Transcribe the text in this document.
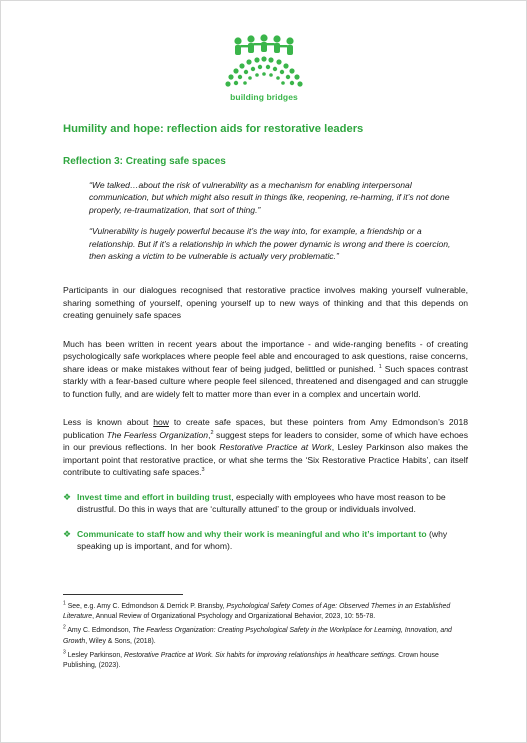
building bridges
Humility and hope: reflection aids for restorative leaders
Reflection 3: Creating safe spaces
“We talked…about the risk of vulnerability as a mechanism for enabling interpersonal communication, but which might also result in things like, reopening, re-harming, if it’s not done properly, re-traumatization, that sort of thing.”
“Vulnerability is hugely powerful because it’s the way into, for example, a friendship or a relationship. But if it’s a relationship in which the power dynamic is wrong and there is coercion, then asking a victim to be vulnerable is actually very problematic.”

Participants in our dialogues recognised that restorative practice involves making yourself vulnerable, sharing something of yourself, opening yourself up to new ways of thinking and that this depends on creating genuinely safe spaces

Much has been written in recent years about the importance - and wide-ranging benefits - of creating psychologically safe workplaces where people feel able and encouraged to ask questions, raise concerns, share ideas or make mistakes without fear of being judged, belittled or punished. $^1$ Such spaces contrast starkly with a fear-based culture where people feel silenced, threatened and disengaged and can struggle to function fully, and are widely felt to matter more than ever in a complex and uncertain world.

Less is known about how to create safe spaces, but these pointers from Amy Edmondson’s 2018 publication The Fearless Organization,$^2$ suggest steps for leaders to consider, some of which have echoes in our previous reflections. In her book Restorative Practice at Work, Lesley Parkinson also makes the important point that restorative practice, or what she terms the ‘Six Restorative Practice Habits’, can itself contribute to cultivating safe spaces.$^3$

❖ Invest time and effort in building trust, especially with employees who have most reason to be distrustful. Do this in ways that are ‘culturally attuned’ to the group or individuals involved.
❖ Communicate to staff how and why their work is meaningful and who it’s important to (why speaking up is important, and for whom).
$^1$ See, e.g. Amy C. Edmondson & Derrick P. Bransby, Psychological Safety Comes of Age: Observed Themes in an Established Literature, Annual Review of Organizational Psychology and Organizational Behavior, 2023, 10: 55-78.
$^2$ Amy C. Edmondson, The Fearless Organization: Creating Psychological Safety in the Workplace for Learning, Innovation, and Growth, Wiley & Sons, (2018).
$^3$ Lesley Parkinson, Restorative Practice at Work. Six habits for improving relationships in healthcare settings. Crown house Publishing, (2023).
